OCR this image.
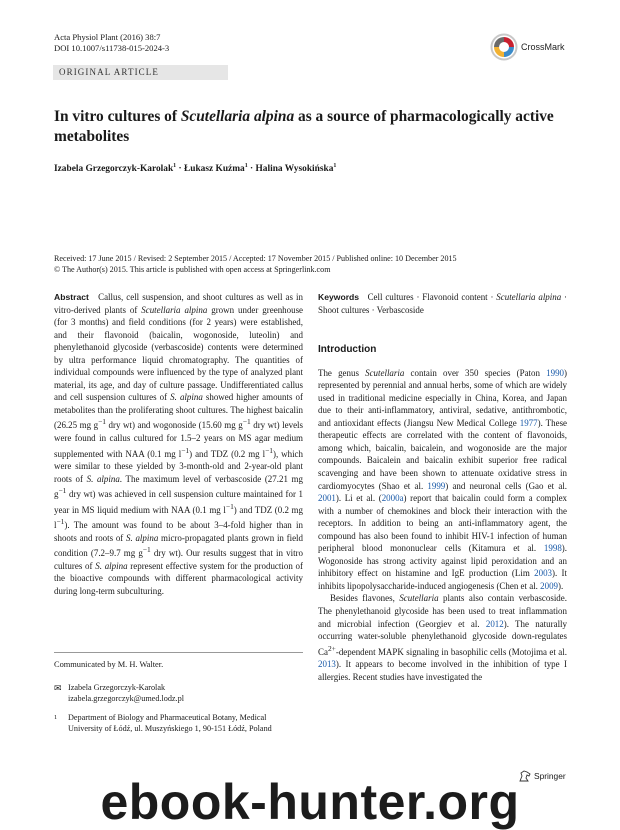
Acta Physiol Plant (2016) 38:7
DOI 10.1007/s11738-015-2024-3	CrossMark
ORIGINAL ARTICLE
In vitro cultures of Scutellaria alpina as a source of pharmacologically active metabolites
Izabela Grzegorczyk-Karolak$^1$ · Łukasz Kuźma$^1$ · Halina Wysokińska$^1$
Received: 17 June 2015 / Revised: 2 September 2015 / Accepted: 17 November 2015 / Published online: 10 December 2015
© The Author(s) 2015. This article is published with open access at Springerlink.com

Abstract Callus, cell suspension, and shoot cultures as well as in vitro-derived plants of Scutellaria alpina grown under greenhouse (for 3 months) and field conditions (for 2 years) were established, and their flavonoid (baicalin, wogonoside, luteolin) and phenylethanoid glycoside (verbascoside) contents were determined by ultra performance liquid chromatography. The quantities of individual compounds were influenced by the type of analyzed plant material, its age, and day of culture passage. Undifferentiated callus and cell suspension cultures of S. alpina showed higher amounts of metabolites than the proliferating shoot cultures. The highest baicalin (26.25 mg $g^{-1}$ dry wt) and wogonoside (15.60 mg $g^{-1}$ dry wt) levels were found in callus cultured for 1.5–2 years on MS agar medium supplemented with NAA (0.1 mg $l^{-1}$) and TDZ (0.2 mg $l^{-1}$), which were similar to these yielded by 3-month-old and 2-year-old plant roots of S. alpina. The maximum level of verbascoside (27.21 mg $g^{-1}$ dry wt) was achieved in cell suspension culture maintained for 1 year in MS liquid medium with NAA (0.1 mg $l^{-1}$) and TDZ (0.2 mg $l^{-1}$). The amount was found to be about 3–4-fold higher than in shoots and roots of S. alpina micro-propagated plants grown in field condition (7.2–9.7 mg $g^{-1}$ dry wt). Our results suggest that in vitro cultures of S. alpina represent effective system for the production of the bioactive compounds with different pharmacological activity during long-term subculturing.

Communicated by M. H. Walter.
✉ Izabela Grzegorczyk-Karolak
izabela.grzegorczyk@umed.lodz.pl
1 Department of Biology and Pharmaceutical Botany, Medical University of Łódź, ul. Muszyńskiego 1, 90-151 Łódź, Poland

Keywords Cell cultures · Flavonoid content · Scutellaria alpina · Shoot cultures · Verbascoside

Introduction

The genus Scutellaria contain over 350 species (Paton 1990) represented by perennial and annual herbs, some of which are widely used in traditional medicine especially in China, Korea, and Japan due to their anti-inflammatory, antiviral, sedative, antithrombotic, and antioxidant effects (Jiangsu New Medical College 1977). These therapeutic effects are correlated with the content of flavonoids, among which, baicalin, baicalein, and wogonoside are the major compounds. Baicalein and baicalin exhibit superior free radical scavenging and have been shown to attenuate oxidative stress in cardiomyocytes (Shao et al. 1999) and neuronal cells (Gao et al. 2001). Li et al. (2000a) report that baicalin could form a complex with a number of chemokines and block their interaction with the receptors. In addition to being an anti-inflammatory agent, the compound has also been found to inhibit HIV-1 infection of human peripheral blood mononuclear cells (Kitamura et al. 1998). Wogonoside has strong activity against lipid peroxidation and an inhibitory effect on histamine and IgE production (Lim 2003). It inhibits lipopolysaccharide-induced angiogenesis (Chen et al. 2009).

Besides flavones, Scutellaria plants also contain verbascoside. The phenylethanoid glycoside has been used to treat inflammation and microbial infection (Georgiev et al. 2012). The naturally occurring water-soluble phenylethanoid glycoside down-regulates $Ca^{2+}$-dependent MAPK signaling in basophilic cells (Motojima et al. 2013). It appears to become involved in the inhibition of type I allergies. Recent studies have investigated the

Springer
ebook-hunter.org
